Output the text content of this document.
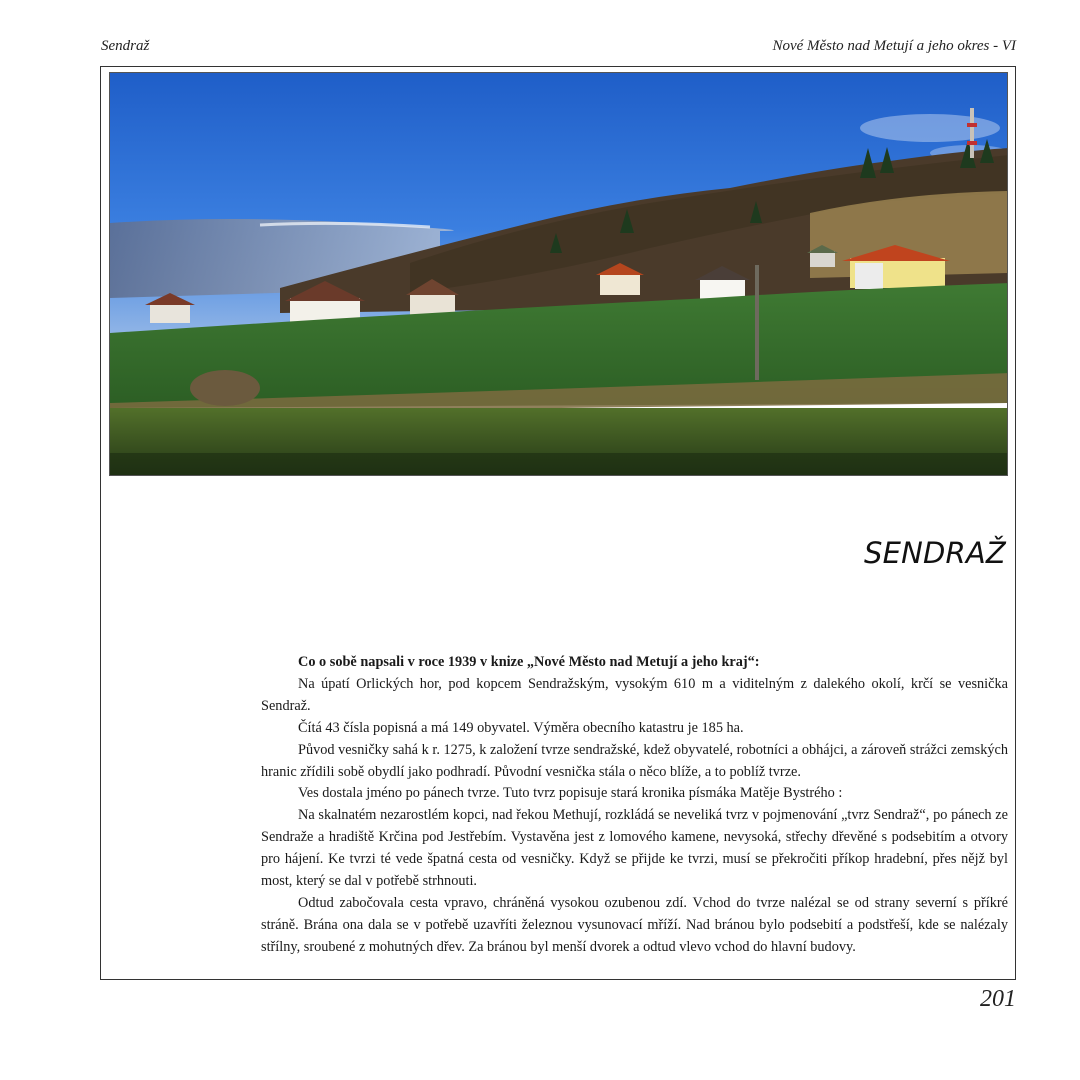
Sendraž	Nové Město nad Metují a jeho okres - VI
SENDRAŽ

Co o sobě napsali v roce 1939 v knize „Nové Město nad Metují a jeho kraj“:

Na úpatí Orlických hor, pod kopcem Sendražským, vysokým 610 m a viditelným z dalekého okolí, krčí se vesnička Sendraž.

Čítá 43 čísla popisná a má 149 obyvatel. Výměra obecního katastru je 185 ha.

Původ vesničky sahá k r. 1275, k založení tvrze sendražské, kdež obyvatelé, robotníci a obhájci, a zároveň strážci zemských hranic zřídili sobě obydlí jako podhradí. Původní vesnička stála o něco blíže, a to poblíž tvrze.

Ves dostala jméno po pánech tvrze. Tuto tvrz popisuje stará kronika písmáka Matěje Bystrého :

Na skalnatém nezarostlém kopci, nad řekou Methují, rozkládá se neveliká tvrz v pojmenování „tvrz Sendraž“, po pánech ze Sendraže a hradiště Krčina pod Jestřebím. Vystavěna jest z lomového kamene, nevysoká, střechy dřevěné s podsebitím a otvory pro hájení. Ke tvrzi té vede špatná cesta od vesničky. Když se přijde ke tvrzi, musí se překročiti příkop hradební, přes nějž byl most, který se dal v potřebě strhnouti.

Odtud zabočovala cesta vpravo, chráněná vysokou ozubenou zdí. Vchod do tvrze nalézal se od strany severní s příkré stráně. Brána ona dala se v potřebě uzavříti železnou vysunovací mříží. Nad bránou bylo podsebití a podstřeší, kde se nalézaly střílny, sroubené z mohutných dřev. Za bránou byl menší dvorek a odtud vlevo vchod do hlavní budovy.

201
